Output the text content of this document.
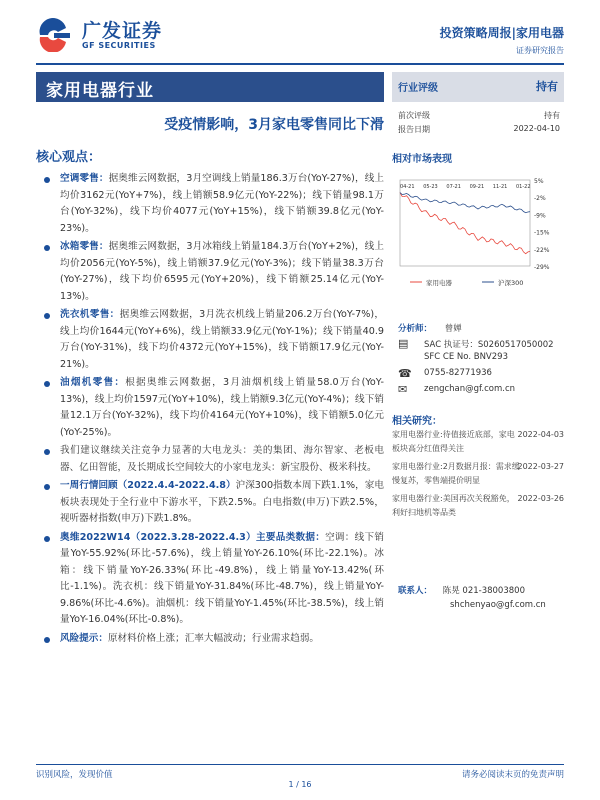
广发证券
GF SECURITIES
投资策略周报|家用电器
证券研究报告
家用电器行业
受疫情影响，3月家电零售同比下滑
行业评级	持有
前次评级	持有
报告日期	2022-04-10
相对市场表现
5%
-2%
-9%
-15%
-22%
-29%
04-21 05-23 07-21 09-21 11-21 01-22
家用电器	沪深300
核心观点：
空调零售：据奥维云网数据，3月空调线上销量186.3万台(YoY-27%)，线上均价3162元(YoY+7%)，线上销额58.9亿元(YoY-22%)；线下销量98.1万台(YoY-32%)，线下均价4077元(YoY+15%)，线下销额39.8亿元(YoY-23%)。
冰箱零售：据奥维云网数据，3月冰箱线上销量184.3万台(YoY+2%)，线上均价2056元(YoY-5%)，线上销额37.9亿元(YoY-3%)；线下销量38.3万台(YoY-27%)，线下均价6595元(YoY+20%)，线下销额25.14亿元(YoY-13%)。
洗衣机零售：据奥维云网数据，3月洗衣机线上销量206.2万台(YoY-7%)，线上均价1644元(YoY+6%)，线上销额33.9亿元(YoY-1%)；线下销量40.9万台(YoY-31%)，线下均价4372元(YoY+15%)，线下销额17.9亿元(YoY-21%)。
油烟机零售：根据奥维云网数据，3月油烟机线上销量58.0万台(YoY-13%)，线上均价1597元(YoY+10%)，线上销额9.3亿元(YoY-4%)；线下销量12.1万台(YoY-32%)，线下均价4164元(YoY+10%)，线下销额5.0亿元(YoY-25%)。
我们建议继续关注竞争力显著的大电龙头：美的集团、海尔智家、老板电器、亿田智能，及长期成长空间较大的小家电龙头：新宝股份、极米科技。
一周行情回顾（2022.4.4-2022.4.8）沪深300指数本周下跌1.1%，家电板块表现处于全行业中下游水平，下跌2.5%。白电指数(申万)下跌2.5%，视听器材指数(申万)下跌1.8%。
奥维2022W14（2022.3.28-2022.4.3）主要品类数据：空调：线下销量YoY-55.92%(环比-57.6%)，线上销量YoY-26.10%(环比-22.1%)。冰箱：线下销量YoY-26.33%(环比-49.8%)，线上销量YoY-13.42%(环比-1.1%)。洗衣机：线下销量YoY-31.84%(环比-48.7%)，线上销量YoY-9.86%(环比-4.6%)。油烟机：线下销量YoY-1.45%(环比-38.5%)，线上销量YoY-16.04%(环比-0.8%)。
风险提示：原材料价格上涨；汇率大幅波动；行业需求趋弱。
分析师： 曾婵
▤	SAC 执证号：S0260517050002
SFC CE No. BNV293
☎	0755-82771936
✉	zengchan@gf.com.cn
相关研究：
家用电器行业:待值接近底部，家电板块高分红值得关注
2022-04-03
家用电器行业:2月数据月报：需求缓慢复苏，零售端提价明显
2022-03-27
家用电器行业:美国再次关税豁免，利好扫地机等品类
2022-03-26
联系人： 陈晃 021-38003800
shchenyao@gf.com.cn
识别风险，发现价值	请务必阅读末页的免责声明
1 / 16
